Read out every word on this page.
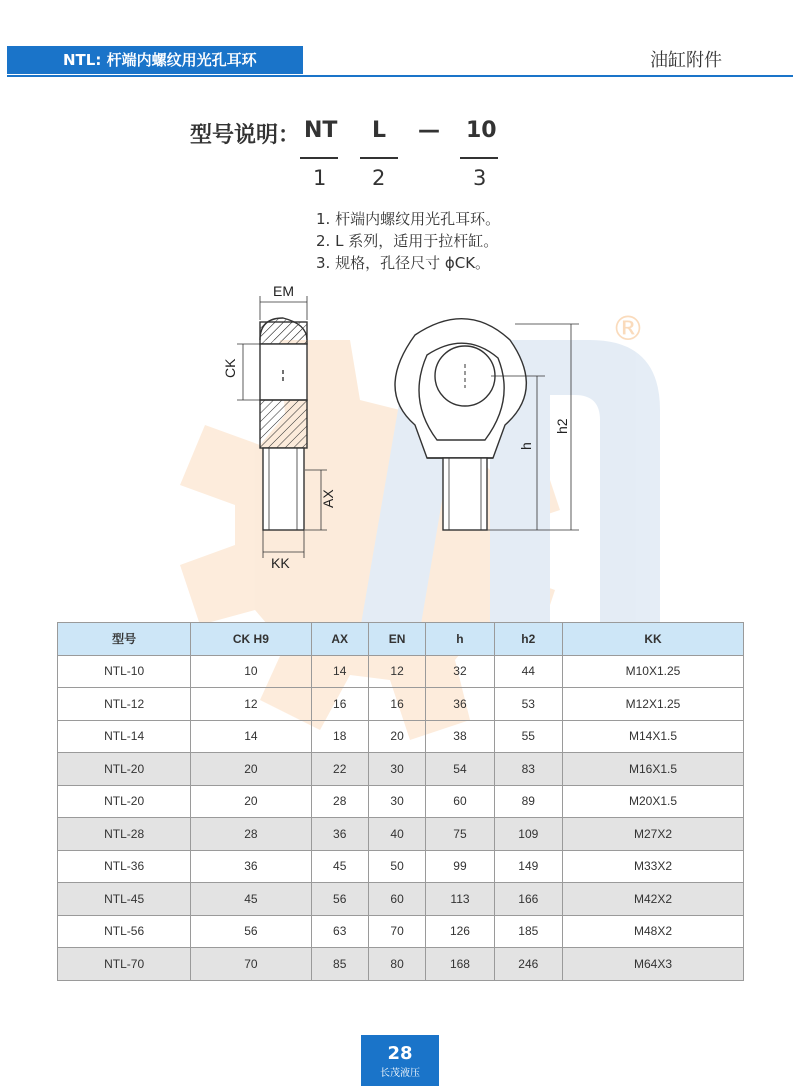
NTL: 杆端内螺纹用光孔耳环	油缸附件
型号说明： NT L — 10
1 2	3
1. 杆端内螺纹用光孔耳环。
2. L 系列，适用于拉杆缸。
3. 规格，孔径尺寸 ϕCK。
EM
CK
AX
KK
h
h2
®
型号	CK H9	AX	EN	h	h2	KK
NTL-10	10	14	12	32	44	M10X1.25
NTL-12	12	16	16	36	53	M12X1.25
NTL-14	14	18	20	38	55	M14X1.5
NTL-20	20	22	30	54	83	M16X1.5
NTL-20	20	28	30	60	89	M20X1.5
NTL-28	28	36	40	75	109	M27X2
NTL-36	36	45	50	99	149	M33X2
NTL-45	45	56	60	113	166	M42X2
NTL-56	56	63	70	126	185	M48X2
NTL-70	70	85	80	168	246	M64X3
28
长茂液压
